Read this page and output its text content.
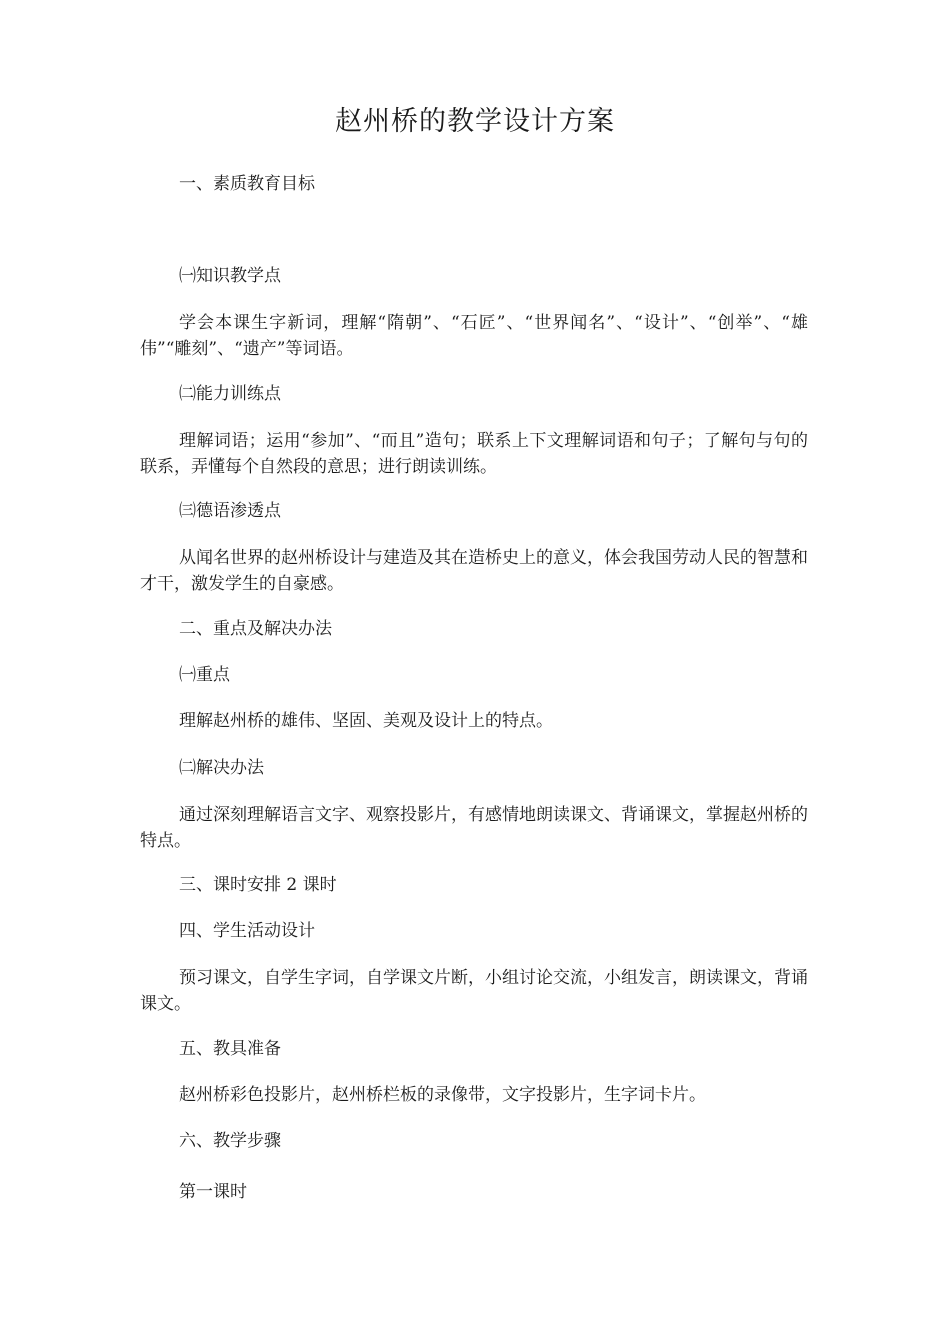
赵州桥的教学设计方案
一、素质教育目标
㈠知识教学点

学会本课生字新词，理解“隋朝”、“石匠”、“世界闻名”、“设计”、“创举”、“雄伟”“雕刻”、“遗产”等词语。

㈡能力训练点

理解词语；运用“参加”、“而且”造句；联系上下文理解词语和句子；了解句与句的联系，弄懂每个自然段的意思；进行朗读训练。

㈢德语渗透点

从闻名世界的赵州桥设计与建造及其在造桥史上的意义，体会我国劳动人民的智慧和才干，激发学生的自豪感。

二、重点及解决办法
㈠重点
理解赵州桥的雄伟、坚固、美观及设计上的特点。
㈡解决办法

通过深刻理解语言文字、观察投影片，有感情地朗读课文、背诵课文，掌握赵州桥的特点。

三、课时安排 2 课时
四、学生活动设计

预习课文，自学生字词，自学课文片断，小组讨论交流，小组发言，朗读课文，背诵课文。

五、教具准备
赵州桥彩色投影片，赵州桥栏板的录像带，文字投影片，生字词卡片。
六、教学步骤
第一课时
